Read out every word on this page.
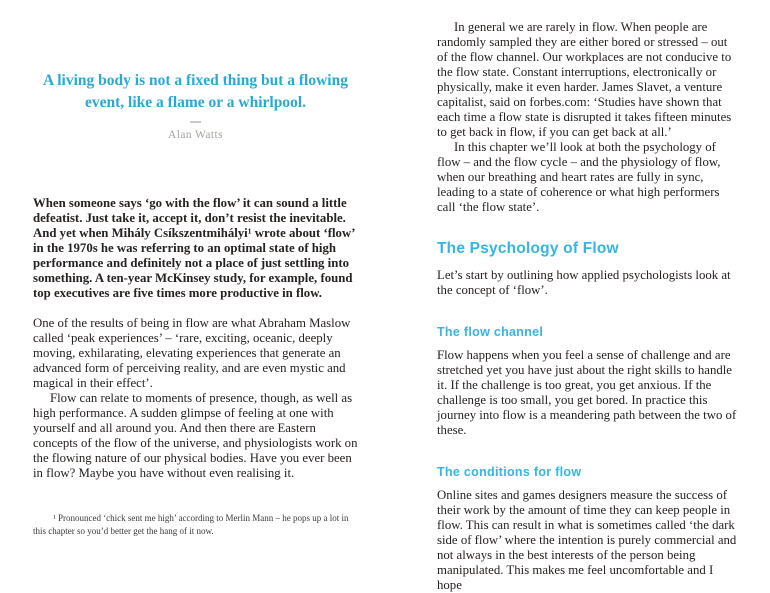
A living body is not a fixed thing but a flowing event, like a flame or a whirlpool.
Alan Watts

When someone says ‘go with the flow’ it can sound a little defeatist. Just take it, accept it, don’t resist the inevitable. And yet when Mihály Csíkszentmihályi¹ wrote about ‘flow’ in the 1970s he was referring to an optimal state of high performance and definitely not a place of just settling into something. A ten-year McKinsey study, for example, found top executives are five times more productive in flow.

One of the results of being in flow are what Abraham Maslow called ‘peak experiences’ – ‘rare, exciting, oceanic, deeply moving, exhilarating, elevating experiences that generate an advanced form of perceiving reality, and are even mystic and magical in their effect’.

Flow can relate to moments of presence, though, as well as high performance. A sudden glimpse of feeling at one with yourself and all around you. And then there are Eastern concepts of the flow of the universe, and physiologists work on the flowing nature of our physical bodies. Have you ever been in flow? Maybe you have without even realising it.

¹ Pronounced ‘chick sent me high’ according to Merlin Mann – he pops up a lot in this chapter so you’d better get the hang of it now.

In general we are rarely in flow. When people are randomly sampled they are either bored or stressed – out of the flow channel. Our workplaces are not conducive to the flow state. Constant interruptions, electronically or physically, make it even harder. James Slavet, a venture capitalist, said on forbes.com: ‘Studies have shown that each time a flow state is disrupted it takes fifteen minutes to get back in flow, if you can get back at all.’

In this chapter we’ll look at both the psychology of flow – and the flow cycle – and the physiology of flow, when our breathing and heart rates are fully in sync, leading to a state of coherence or what high performers call ‘the flow state’.

The Psychology of Flow

Let’s start by outlining how applied psychologists look at the concept of ‘flow’.

The flow channel

Flow happens when you feel a sense of challenge and are stretched yet you have just about the right skills to handle it. If the challenge is too great, you get anxious. If the challenge is too small, you get bored. In practice this journey into flow is a meandering path between the two of these.

The conditions for flow

Online sites and games designers measure the success of their work by the amount of time they can keep people in flow. This can result in what is sometimes called ‘the dark side of flow’ where the intention is purely commercial and not always in the best interests of the person being manipulated. This makes me feel uncomfortable and I hope
